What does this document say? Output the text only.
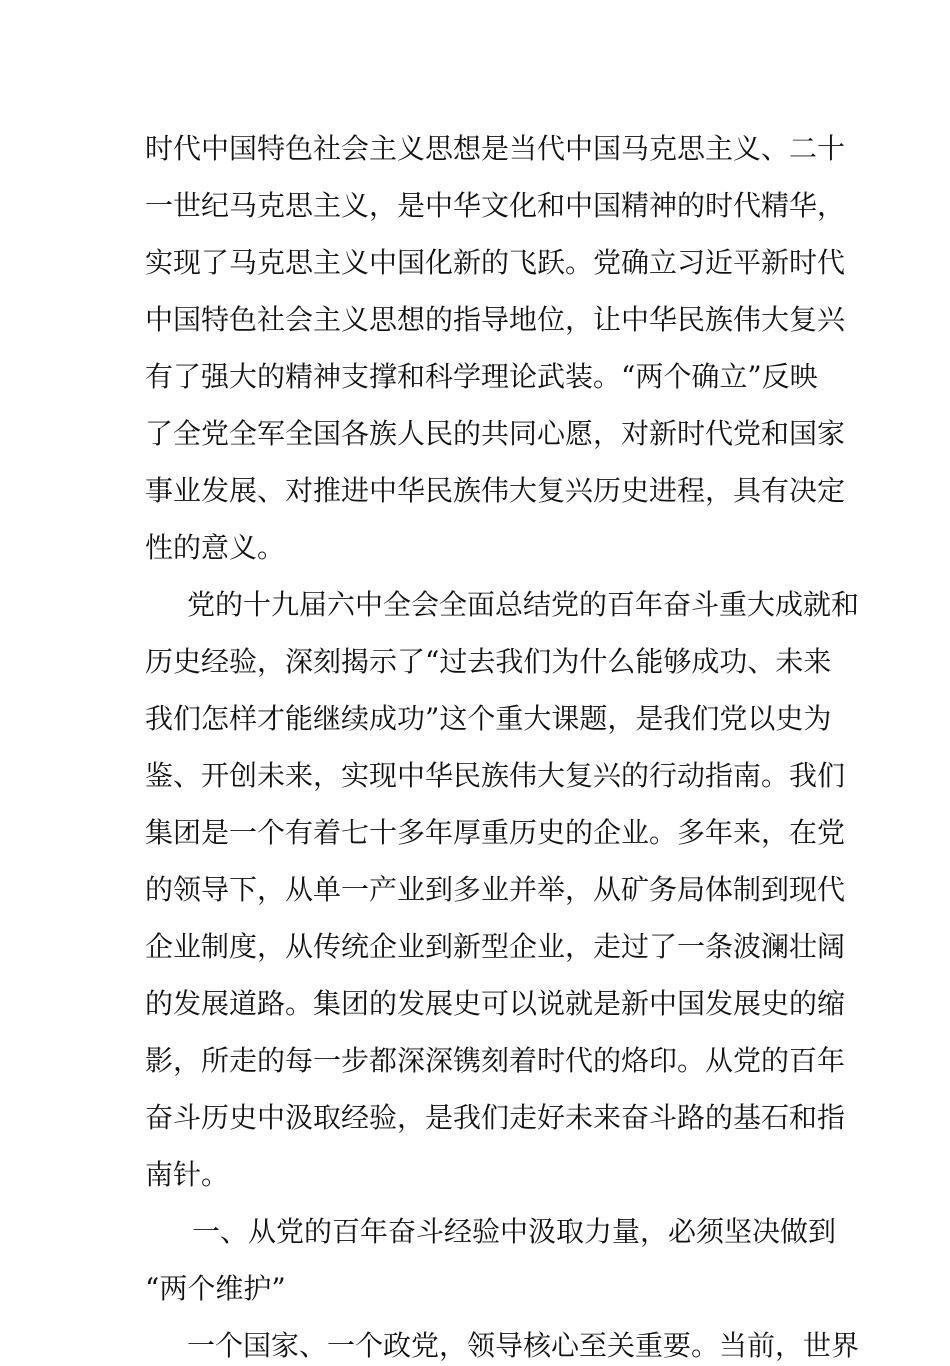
时代中国特色社会主义思想是当代中国马克思主义、二十
一世纪马克思主义，是中华文化和中国精神的时代精华，
实现了马克思主义中国化新的飞跃。党确立习近平新时代
中国特色社会主义思想的指导地位，让中华民族伟大复兴
有了强大的精神支撑和科学理论武装。“两个确立”反映
了全党全军全国各族人民的共同心愿，对新时代党和国家
事业发展、对推进中华民族伟大复兴历史进程，具有决定
性的意义。
党的十九届六中全会全面总结党的百年奋斗重大成就和
历史经验，深刻揭示了“过去我们为什么能够成功、未来
我们怎样才能继续成功”这个重大课题，是我们党以史为
鉴、开创未来，实现中华民族伟大复兴的行动指南。我们
集团是一个有着七十多年厚重历史的企业。多年来，在党
的领导下，从单一产业到多业并举，从矿务局体制到现代
企业制度，从传统企业到新型企业，走过了一条波澜壮阔
的发展道路。集团的发展史可以说就是新中国发展史的缩
影，所走的每一步都深深镌刻着时代的烙印。从党的百年
奋斗历史中汲取经验，是我们走好未来奋斗路的基石和指
南针。
一、从党的百年奋斗经验中汲取力量，必须坚决做到
“两个维护”
一个国家、一个政党，领导核心至关重要。当前，世界
